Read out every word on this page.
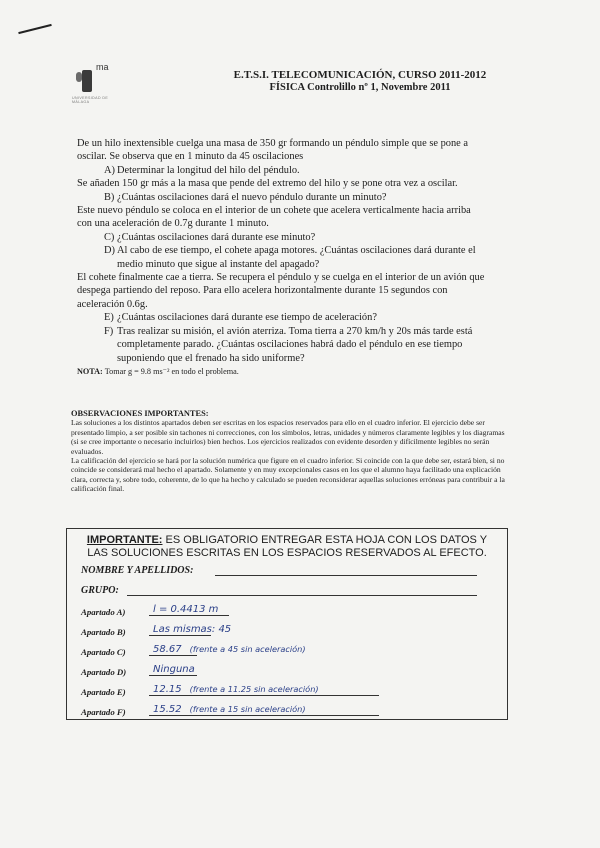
ma
UNIVERSIDAD DE MÁLAGA
E.T.S.I. TELECOMUNICACIÓN, CURSO 2011-2012
FÍSICA Controlillo nº 1, Novembre 2011

De un hilo inextensible cuelga una masa de 350 gr formando un péndulo simple que se pone a oscilar. Se observa que en 1 minuto da 45 oscilaciones

A) Determinar la longitud del hilo del péndulo.

Se añaden 150 gr más a la masa que pende del extremo del hilo y se pone otra vez a oscilar.

B) ¿Cuántas oscilaciones dará el nuevo péndulo durante un minuto?

Este nuevo péndulo se coloca en el interior de un cohete que acelera verticalmente hacia arriba con una aceleración de 0.7g durante 1 minuto.

C) ¿Cuántas oscilaciones dará durante ese minuto?

D) Al cabo de ese tiempo, el cohete apaga motores. ¿Cuántas oscilaciones dará durante el medio minuto que sigue al instante del apagado?

El cohete finalmente cae a tierra. Se recupera el péndulo y se cuelga en el interior de un avión que despega partiendo del reposo. Para ello acelera horizontalmente durante 15 segundos con aceleración 0.6g.

E) ¿Cuántas oscilaciones dará durante ese tiempo de aceleración?

F) Tras realizar su misión, el avión aterriza. Toma tierra a 270 km/h y 20s más tarde está completamente parado. ¿Cuántas oscilaciones habrá dado el péndulo en ese tiempo suponiendo que el frenado ha sido uniforme?

NOTA: Tomar g = 9.8 ms⁻² en todo el problema.

OBSERVACIONES IMPORTANTES:

Las soluciones a los distintos apartados deben ser escritas en los espacios reservados para ello en el cuadro inferior. El ejercicio debe ser presentado limpio, a ser posible sin tachones ni correcciones, con los símbolos, letras, unidades y números claramente legibles y los diagramas (si se cree importante o necesario incluirlos) bien hechos. Los ejercicios realizados con evidente desorden y difícilmente legibles no serán evaluados.

La calificación del ejercicio se hará por la solución numérica que figure en el cuadro inferior. Si coincide con la que debe ser, estará bien, si no coincide se considerará mal hecho el apartado. Solamente y en muy excepcionales casos en los que el alumno haya facilitado una explicación clara, correcta y, sobre todo, coherente, de lo que ha hecho y calculado se pueden reconsiderar aquellas soluciones erróneas para contribuir a la calificación final.

IMPORTANTE: ES OBLIGATORIO ENTREGAR ESTA HOJA CON LOS DATOS Y LAS SOLUCIONES ESCRITAS EN LOS ESPACIOS RESERVADOS AL EFECTO.
NOMBRE Y APELLIDOS:
GRUPO:
Apartado A)	l = 0.4413 m
Apartado B)	Las mismas: 45
Apartado C)	58.67 (frente a 45 sin aceleración)
Apartado D)	Ninguna
Apartado E)	12.15 (frente a 11.25 sin aceleración)
Apartado F)	15.52 (frente a 15 sin aceleración)
